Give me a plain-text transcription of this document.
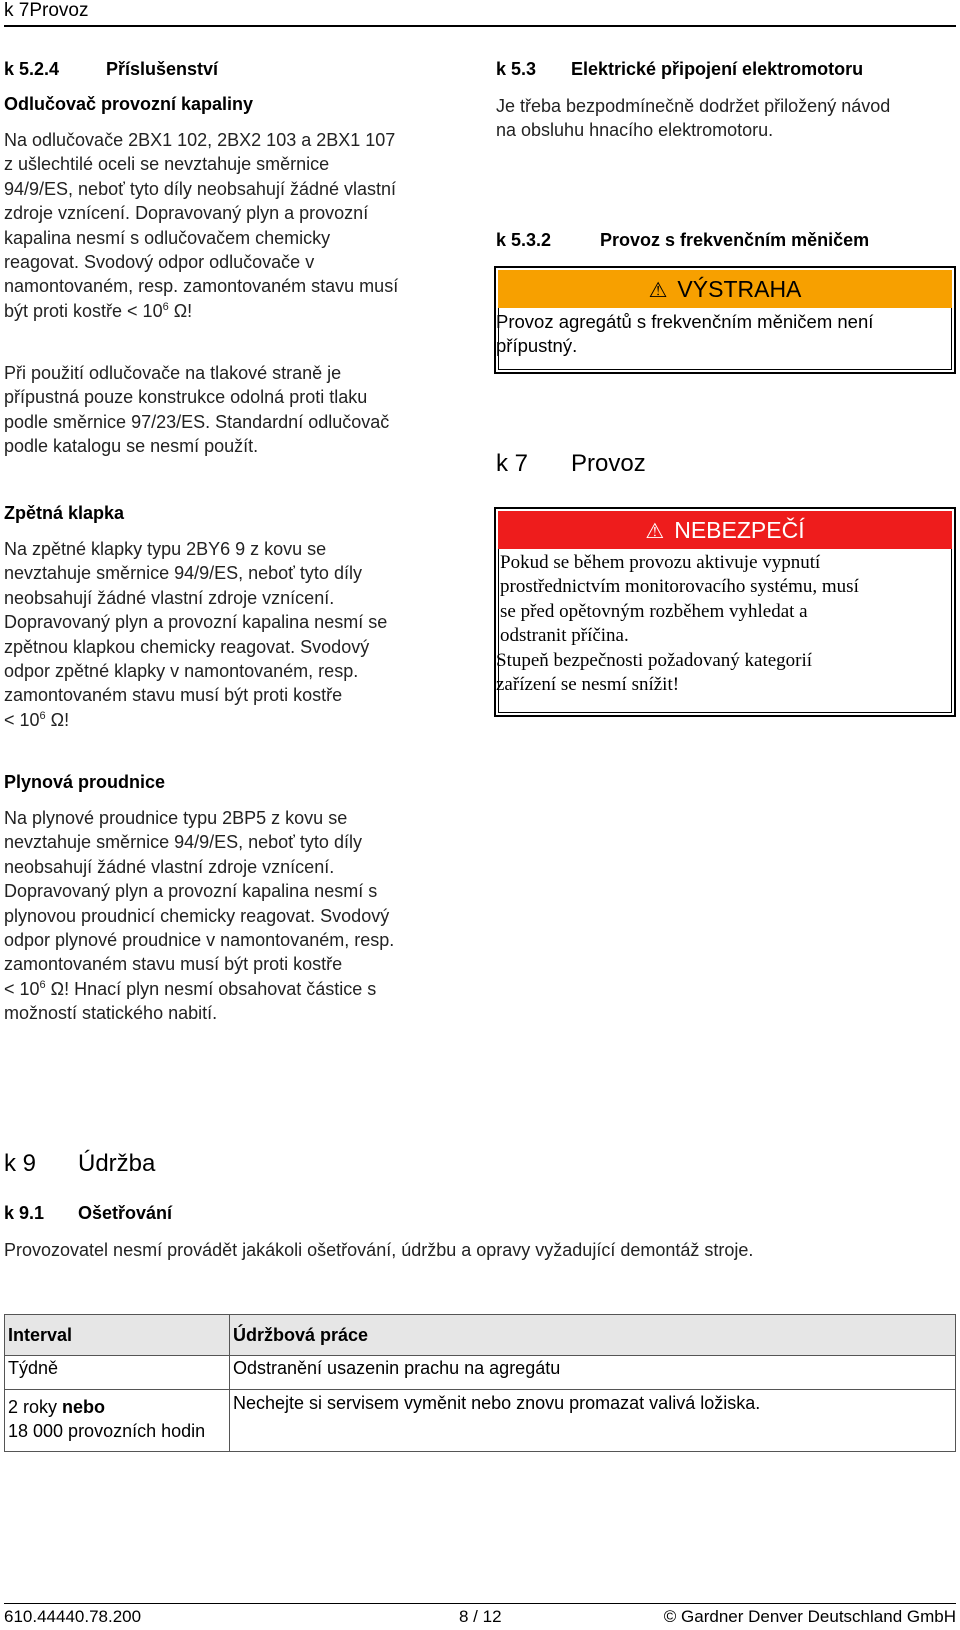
k 7Provoz
k 5.2.4	Příslušenství
Odlučovač provozní kapaliny
Na odlučovače 2BX1 102, 2BX2 103 a 2BX1 107
z ušlechtilé oceli se nevztahuje směrnice
94/9/ES, neboť tyto díly neobsahují žádné vlastní
zdroje vznícení. Dopravovaný plyn a provozní
kapalina nesmí s odlučovačem chemicky
reagovat. Svodový odpor odlučovače v
namontovaném, resp. zamontovaném stavu musí
být proti kostře < $10^6$ Ω!
Při použití odlučovače na tlakové straně je
přípustná pouze konstrukce odolná proti tlaku
podle směrnice 97/23/ES. Standardní odlučovač
podle katalogu se nesmí použít.
Zpětná klapka
Na zpětné klapky typu 2BY6 9 z kovu se
nevztahuje směrnice 94/9/ES, neboť tyto díly
neobsahují žádné vlastní zdroje vznícení.
Dopravovaný plyn a provozní kapalina nesmí se
zpětnou klapkou chemicky reagovat. Svodový
odpor zpětné klapky v namontovaném, resp.
zamontovaném stavu musí být proti kostře
< $10^6$ Ω!
Plynová proudnice
Na plynové proudnice typu 2BP5 z kovu se
nevztahuje směrnice 94/9/ES, neboť tyto díly
neobsahují žádné vlastní zdroje vznícení.
Dopravovaný plyn a provozní kapalina nesmí s
plynovou proudnicí chemicky reagovat. Svodový
odpor plynové proudnice v namontovaném, resp.
zamontovaném stavu musí být proti kostře
< $10^6$ Ω! Hnací plyn nesmí obsahovat částice s
možností statického nabití.
k 5.3 Elektrické připojení elektromotoru
Je třeba bezpodmínečně dodržet přiložený návod
na obsluhu hnacího elektromotoru.
k 5.3.2	Provoz s frekvenčním měničem
⚠ VÝSTRAHA
Provoz agregátů s frekvenčním měničem není
přípustný.
k 7 Provoz
⚠ NEBEZPEČÍ
Pokud se během provozu aktivuje vypnutí
prostřednictvím monitorovacího systému, musí
se před opětovným rozběhem vyhledat a
odstranit příčina.
Stupeň bezpečnosti požadovaný kategorií
zařízení se nesmí snížit!
k 9 Údržba
k 9.1 Ošetřování
Provozovatel nesmí provádět jakákoli ošetřování, údržbu a opravy vyžadující demontáž stroje.
Interval	Údržbová práce
Týdně	Odstranění usazenin prachu na agregátu
2 roky nebo
18 000 provozních hodin	Nechejte si servisem vyměnit nebo znovu promazat valivá ložiska.
610.44440.78.200	8 / 12	© Gardner Denver Deutschland GmbH
